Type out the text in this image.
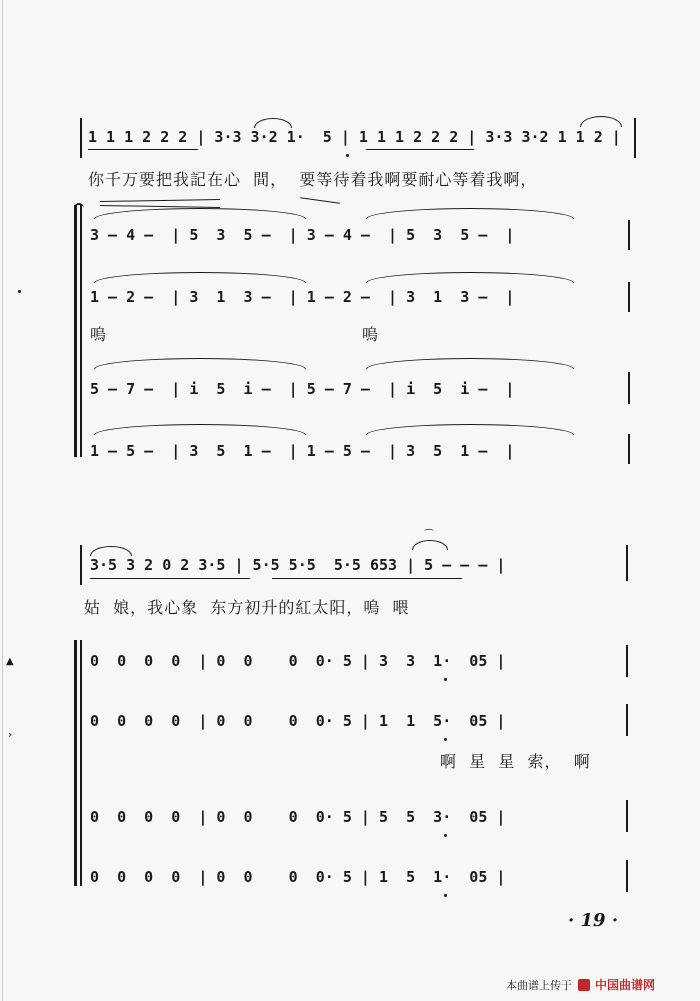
1 1 1 2 2 2 | 3·3 3·2 1·  5 | 1 1 1 2 2 2 | 3·3 3·2 1 1 2 |
你千万要把我記在心  間，  要等待着我啊要耐心等着我啊，
3 – 4 –  | 5  3  5 –  | 3 – 4 –  | 5  3  5 –  |
1 – 2 –  | 3  1  3 –  | 1 – 2 –  | 3  1  3 –  |
嗚	嗚
5 – 7 –  | i  5  i –  | 5 – 7 –  | i  5  i –  |
1 – 5 –  | 3  5  1 –  | 1 – 5 –  | 3  5  1 –  |
▲
›
⁀
3·5 3 2 0 2 3·5 | 5·5 5·5  5·5 653 | 5 – – – |
姑  娘，我心象  东方初升的紅太阳，嗚  喂
0  0  0  0  | 0  0    0  0· 5 | 3  3  1·  05 |
0  0  0  0  | 0  0    0  0· 5 | 1  1  5·  05 |
啊  星  星  索，  啊
0  0  0  0  | 0  0    0  0· 5 | 5  5  3·  05 |
0  0  0  0  | 0  0    0  0· 5 | 1  5  1·  05 |
· 19 ·
本曲谱上传于 中国曲谱网
